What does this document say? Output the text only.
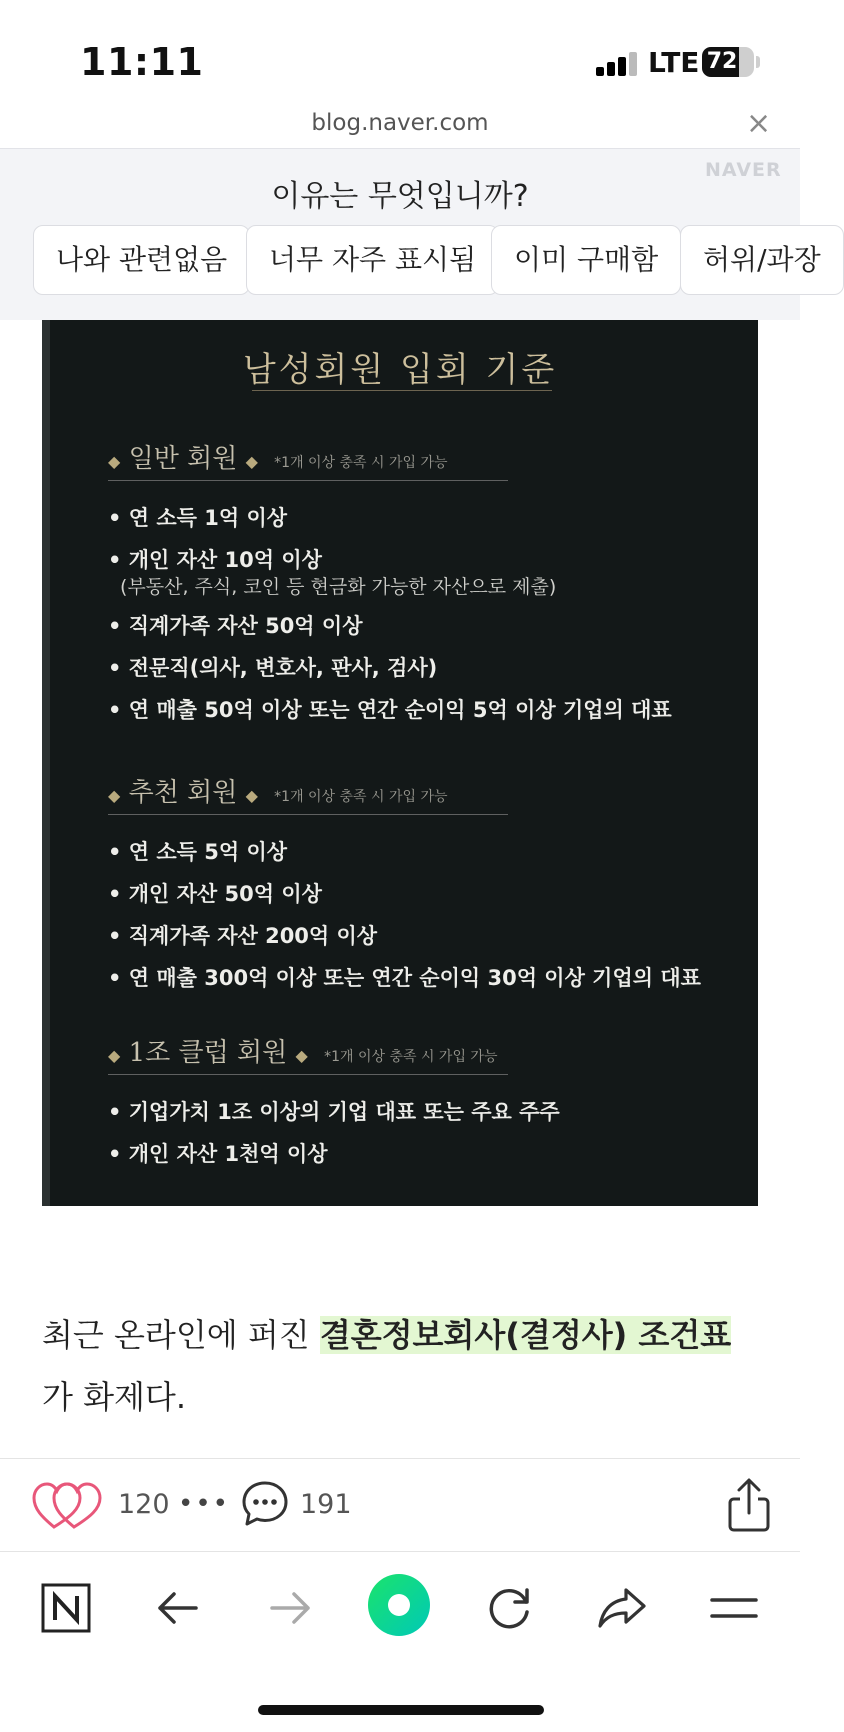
11:11	LTE 72
blog.naver.com	×
NAVER
이유는 무엇입니까?
나와 관련없음	너무 자주 표시됨	이미 구매함	허위/과장
남성회원 입회 기준
◆ 일반 회원 ◆ *1개 이상 충족 시 가입 가능
• 연 소득 1억 이상
• 개인 자산 10억 이상
(부동산, 주식, 코인 등 현금화 가능한 자산으로 제출)
• 직계가족 자산 50억 이상
• 전문직(의사, 변호사, 판사, 검사)
• 연 매출 50억 이상 또는 연간 순이익 5억 이상 기업의 대표
◆ 추천 회원 ◆ *1개 이상 충족 시 가입 가능
• 연 소득 5억 이상
• 개인 자산 50억 이상
• 직계가족 자산 200억 이상
• 연 매출 300억 이상 또는 연간 순이익 30억 이상 기업의 대표
◆ 1조 클럽 회원 ◆ *1개 이상 충족 시 가입 가능
• 기업가치 1조 이상의 기업 대표 또는 주요 주주
• 개인 자산 1천억 이상
최근 온라인에 퍼진 결혼정보회사(결정사) 조건표가 화제다.
120 •••	191
